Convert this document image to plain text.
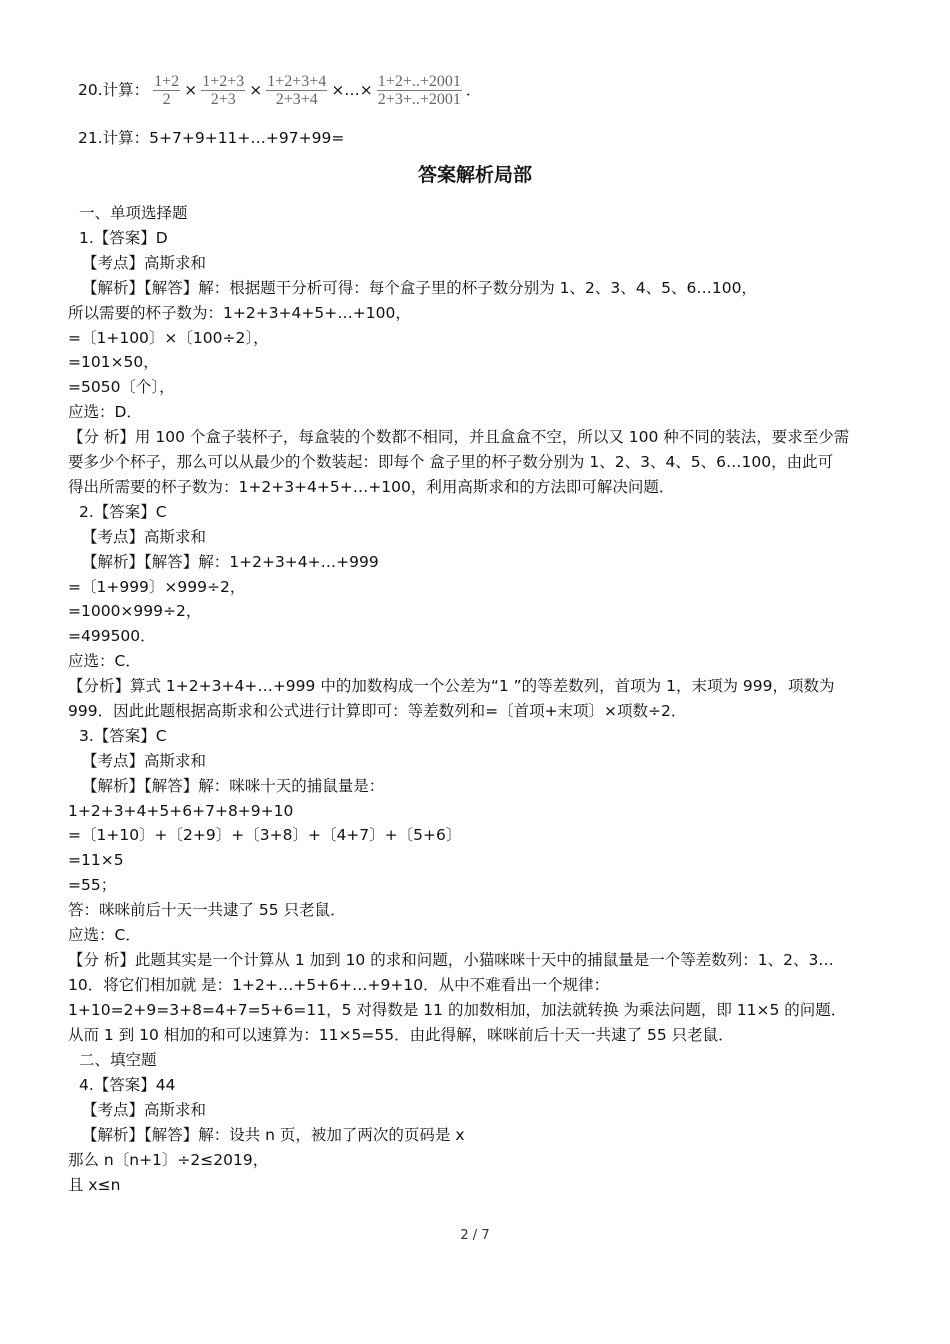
20.计算： $\frac{1+2}{2} \times \frac{1+2+3}{2+3} \times \frac{1+2+3+4}{2+3+4}$ ×…× $\frac{1+2+..+2001}{2+3+..+2001}$ ．
21.计算：5+7+9+11+…+97+99=
答案解析局部
一、单项选择题
1.【答案】D
【考点】高斯求和
【解析】【解答】解：根据题干分析可得：每个盒子里的杯子数分别为 1、2、3、4、5、6…100，
所以需要的杯子数为：1+2+3+4+5+…+100，
=〔1+100〕×〔100÷2〕，
=101×50，
=5050〔个〕，
应选：D．
【分 析】用 100 个盒子装杯子，每盒装的个数都不相同，并且盒盒不空，所以又 100 种不同的装法，要求至少需
要多少个杯子，那么可以从最少的个数装起：即每个 盒子里的杯子数分别为 1、2、3、4、5、6…100，由此可
得出所需要的杯子数为：1+2+3+4+5+…+100，利用高斯求和的方法即可解决问题．
2.【答案】C
【考点】高斯求和
【解析】【解答】解：1+2+3+4+…+999
=〔1+999〕×999÷2，
=1000×999÷2，
=499500．
应选：C．
【分析】算式 1+2+3+4+…+999 中的加数构成一个公差为“1 ”的等差数列，首项为 1，末项为 999，项数为
999．因此此题根据高斯求和公式进行计算即可：等差数列和=〔首项+末项〕×项数÷2．
3.【答案】C
【考点】高斯求和
【解析】【解答】解：咪咪十天的捕鼠量是：
1+2+3+4+5+6+7+8+9+10
=〔1+10〕+〔2+9〕+〔3+8〕+〔4+7〕+〔5+6〕
=11×5
=55；
答：咪咪前后十天一共逮了 55 只老鼠．
应选：C．
【分 析】此题其实是一个计算从 1 加到 10 的求和问题，小猫咪咪十天中的捕鼠量是一个等差数列：1、2、3…
10．将它们相加就 是：1+2+…+5+6+…+9+10．从中不难看出一个规律：
1+10=2+9=3+8=4+7=5+6=11，5 对得数是 11 的加数相加，加法就转换 为乘法问题，即 11×5 的问题．
从而 1 到 10 相加的和可以速算为：11×5=55．由此得解，咪咪前后十天一共逮了 55 只老鼠．
二、填空题
4.【答案】44
【考点】高斯求和
【解析】【解答】解：设共 n 页，被加了两次的页码是 x
那么 n〔n+1〕÷2≤2019，
且 x≤n
2 / 7
